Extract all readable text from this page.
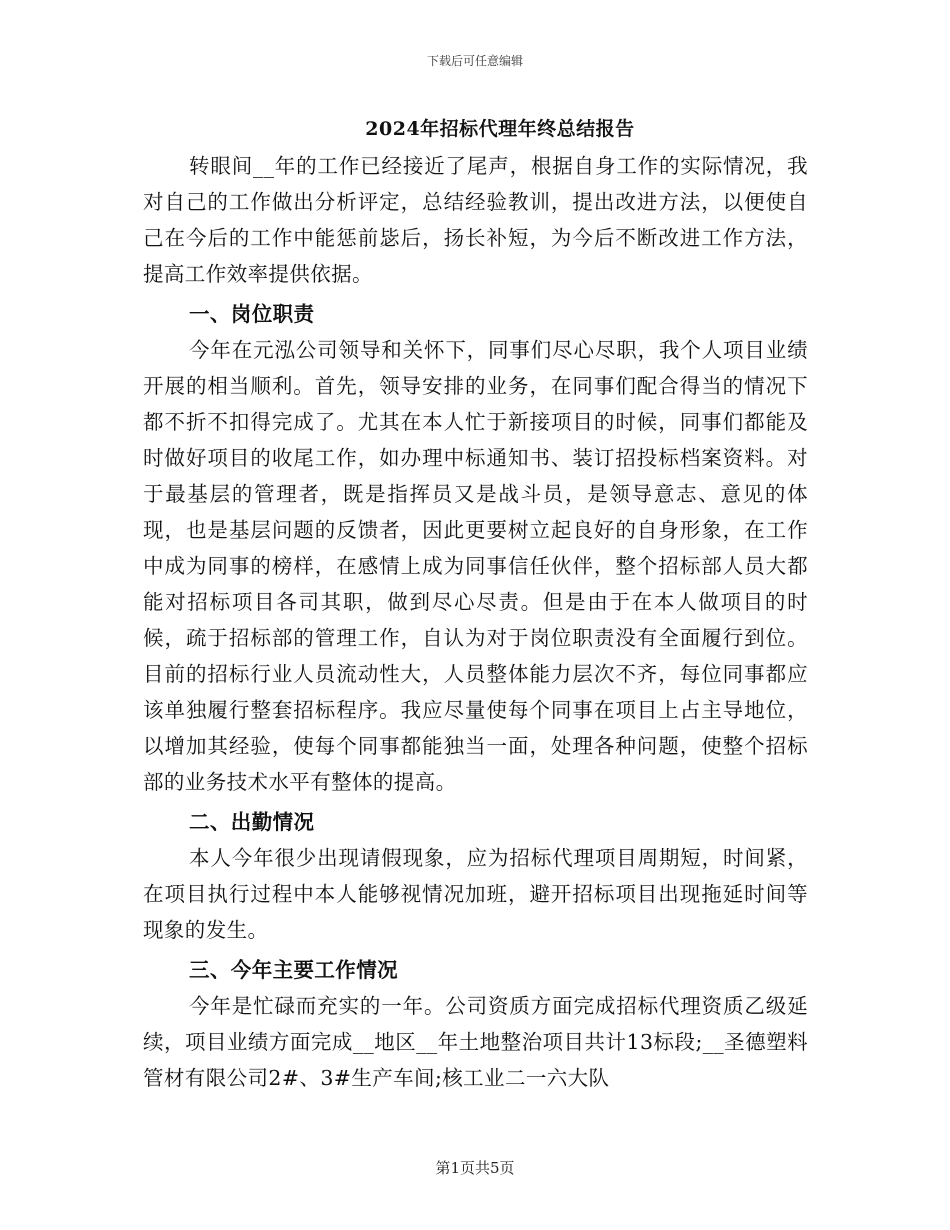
下载后可任意编辑
2024年招标代理年终总结报告

转眼间__年的工作已经接近了尾声，根据自身工作的实际情况，我对自己的工作做出分析评定，总结经验教训，提出改进方法，以便使自己在今后的工作中能惩前毖后，扬长补短，为今后不断改进工作方法，提高工作效率提供依据。

一、岗位职责

今年在元泓公司领导和关怀下，同事们尽心尽职，我个人项目业绩开展的相当顺利。首先，领导安排的业务，在同事们配合得当的情况下都不折不扣得完成了。尤其在本人忙于新接项目的时候，同事们都能及时做好项目的收尾工作，如办理中标通知书、装订招投标档案资料。对于最基层的管理者，既是指挥员又是战斗员，是领导意志、意见的体现，也是基层问题的反馈者，因此更要树立起良好的自身形象，在工作中成为同事的榜样，在感情上成为同事信任伙伴，整个招标部人员大都能对招标项目各司其职，做到尽心尽责。但是由于在本人做项目的时候，疏于招标部的管理工作，自认为对于岗位职责没有全面履行到位。目前的招标行业人员流动性大，人员整体能力层次不齐，每位同事都应该单独履行整套招标程序。我应尽量使每个同事在项目上占主导地位，以增加其经验，使每个同事都能独当一面，处理各种问题，使整个招标部的业务技术水平有整体的提高。

二、出勤情况

本人今年很少出现请假现象，应为招标代理项目周期短，时间紧，在项目执行过程中本人能够视情况加班，避开招标项目出现拖延时间等现象的发生。

三、今年主要工作情况

今年是忙碌而充实的一年。公司资质方面完成招标代理资质乙级延续，项目业绩方面完成__地区__年土地整治项目共计13标段;__圣德塑料管材有限公司2#、3#生产车间;核工业二一六大队

第1页共5页
